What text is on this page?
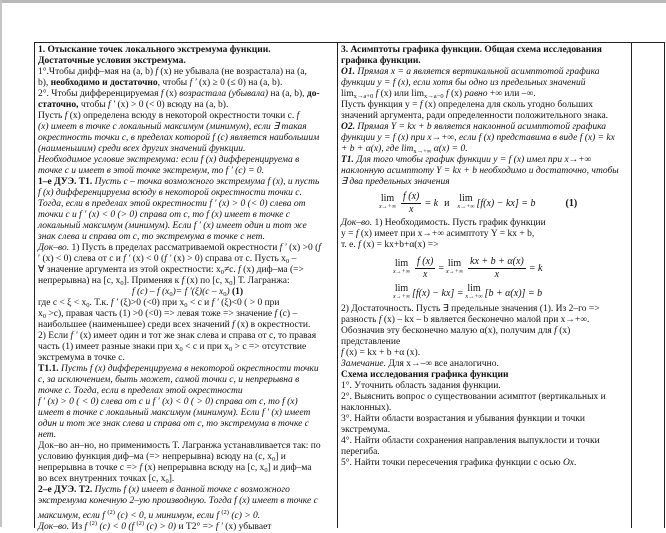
1. Отыскание точек локального экстремума функции.
Достаточные условия экстремума.
1°.Чтобы дифф–мая на (a, b) f (x) не убывала (не возрастала) на (a,
b), необходимо и достаточно, чтобы f ′ (x) ≥ 0 (≤ 0) на (a, b).
2°. Чтобы дифференцируемая f (x) возрастала (убывала) на (a, b), до-
статочно, чтобы f ′ (x) > 0 (< 0) всюду на (a, b).
Пусть f (x) определена всюду в некоторой окрестности точки c. f
(x) имеет в точке c локальный максимум (минимум), если ∃ такая
окрестность точки c, в пределах которой f (c) является наибольшим
(наименьшим) среди всех других значений функции.
Необходимое условие экстремума: если f (x) дифференцируема в
точке c и имеет в этой точке экстремум, то f ′ (c) = 0.
1–е ДУЭ. Т1. Пусть c – точка возможного экстремума f (x), и пусть
f (x) дифференцируема всюду в некоторой окрестности точки c.
Тогда, если в пределах этой окрестности f ′ (x) > 0 (< 0) слева от
точки c и f ′ (x) < 0 (> 0) справа от c, то f (x) имеет в точке c
локальный максимум (минимум). Если f ′ (x) имеет один и тот же
знак слева и справа от c, то экстремума в точке c нет.
Док–во. 1) Пусть в пределах рассматриваемой окрестности f ′ (x) >0 (f
′ (x) < 0) слева от c и f ′ (x) < 0 (f ′ (x) > 0) справа от c. Пусть $x_0$ –
∀ значение аргумента из этой окрестности: $x_0\ne c$. f (x) диф–ма (=>
непрерывна) на [c, $x_0$]. Применяя к f (x) по [c, $x_0$] Т. Лагранжа:
f (c) – f $(x_0)= f$ $'(\xi)(c - x_0)$ (1)
где $c < \xi < x_0$. Т.к. f ′ (ξ)>0 (<0) при $x_0 < c$ и f ′ (ξ)<0 ( > 0 при
$x_0 >c$), правая часть (1) >0 (<0) => левая тоже => значение f (c) –
наибольшее (наименьшее) среди всех значений f (x) в окрестности.
2) Если f ′ (x) имеет один и тот же знак слева и справа от c, то правая
часть (1) имеет разные знаки при $x_0 < c$ и при $x_0 > c$ => отсутствие
экстремума в точке c.
Т1.1. Пусть f (x) дифференцируема в некоторой окрестности точки
c, за исключением, быть может, самой точки c, и непрерывна в
точке c. Тогда, если в пределах этой окрестности
f ′ (x) > 0 ( < 0) слева от c и f ′ (x) < 0 ( > 0) справа от c, то f (x)
имеет в точке c локальный максимум (минимум). Если f ′ (x) имеет
один и тот же знак слева и справа от c, то экстремума в точке c
нет.
Док–во ан–но, но применимость Т. Лагранжа устанавливается так: по
условию функция диф–ма (=> непрерывна) всюду на (c, $x_0$] и
непрерывна в точке c => f (x) непрерывна всюду на [c, $x_0$] и диф–ма
во всех внутренних точках [c, $x_0$].
2–е ДУЭ. Т2. Пусть f (x) имеет в данной точке c возможного
экстремума конечную 2–ую производную. Тогда f (x) имеет в точке c
максимум, если f $^{(2)}$ (c) < 0, и минимум, если f $^{(2)}$ (c) > 0.
Док–во. Из f $^{(2)}$ (c) < 0 (f $^{(2)}$ (c) > 0) и Т2° => f ′ (x) убывает
3. Асимптоты графика функции. Общая схема исследования
графика функции.
О1. Прямая x = a является вертикальной асимптотой графика
функции y = f (x), если хотя бы одно из предельных значений
$\lim_{x\to a+0} f$ (x) или $\lim_{x\to a-0} f$ (x) равно +∞ или –∞.
Пусть функция y = f (x) определена для сколь угодно больших
значений аргумента, ради определенности положительного знака.
О2. Прямая Y = kx + b является наклонной асимптотой графика
функции y = f (x) при x→+∞, если f (x) представима в виде f (x) = kx
+ b + α(x), где $\lim_{x\to+\infty} \alpha(x) = 0$.
Т1. Для того чтобы график функции y = f (x) имел при x→+∞
наклонную асимптоту Y = kx + b необходимо и достаточно, чтобы
∃ два предельных значения
lim
$x\to+\infty \frac{f (x)}{x} = k$ и lim
x→+∞ [f(x) − kx] = b	(1)
Док–во. 1) Необходимость. Пусть график функции
y = f (x) имеет при x→+∞ асимптоту Y = kx + b,
т. е. f (x) = kx+b+α(x) =>
lim
$x\to+\infty \frac{f (x)}{x} = \lim$
$x\to+\infty \frac{kx + b + \alpha(x)}{x} = k$
lim
x→+∞ [f(x) − kx] = lim
x→+∞ [b + α(x)] = b
2) Достаточность. Пусть ∃ предельные значения (1). Из 2–го =>
разность f (x) – kx – b является бесконечно малой при x→+∞.
Обозначив эту бесконечно малую α(x), получим для f (x)
представление
f (x) = kx + b +α (x).
Замечание. Для x→–∞ все аналогично.
Схема исследования графика функции
1°. Уточнить область задания функции.
2°. Выяснить вопрос о существовании асимптот (вертикальных и
наклонных).
3°. Найти области возрастания и убывания функции и точки
экстремума.
4°. Найти области сохранения направления выпуклости и точки
перегиба.
5°. Найти точки пересечения графика функции с осью Ox.
